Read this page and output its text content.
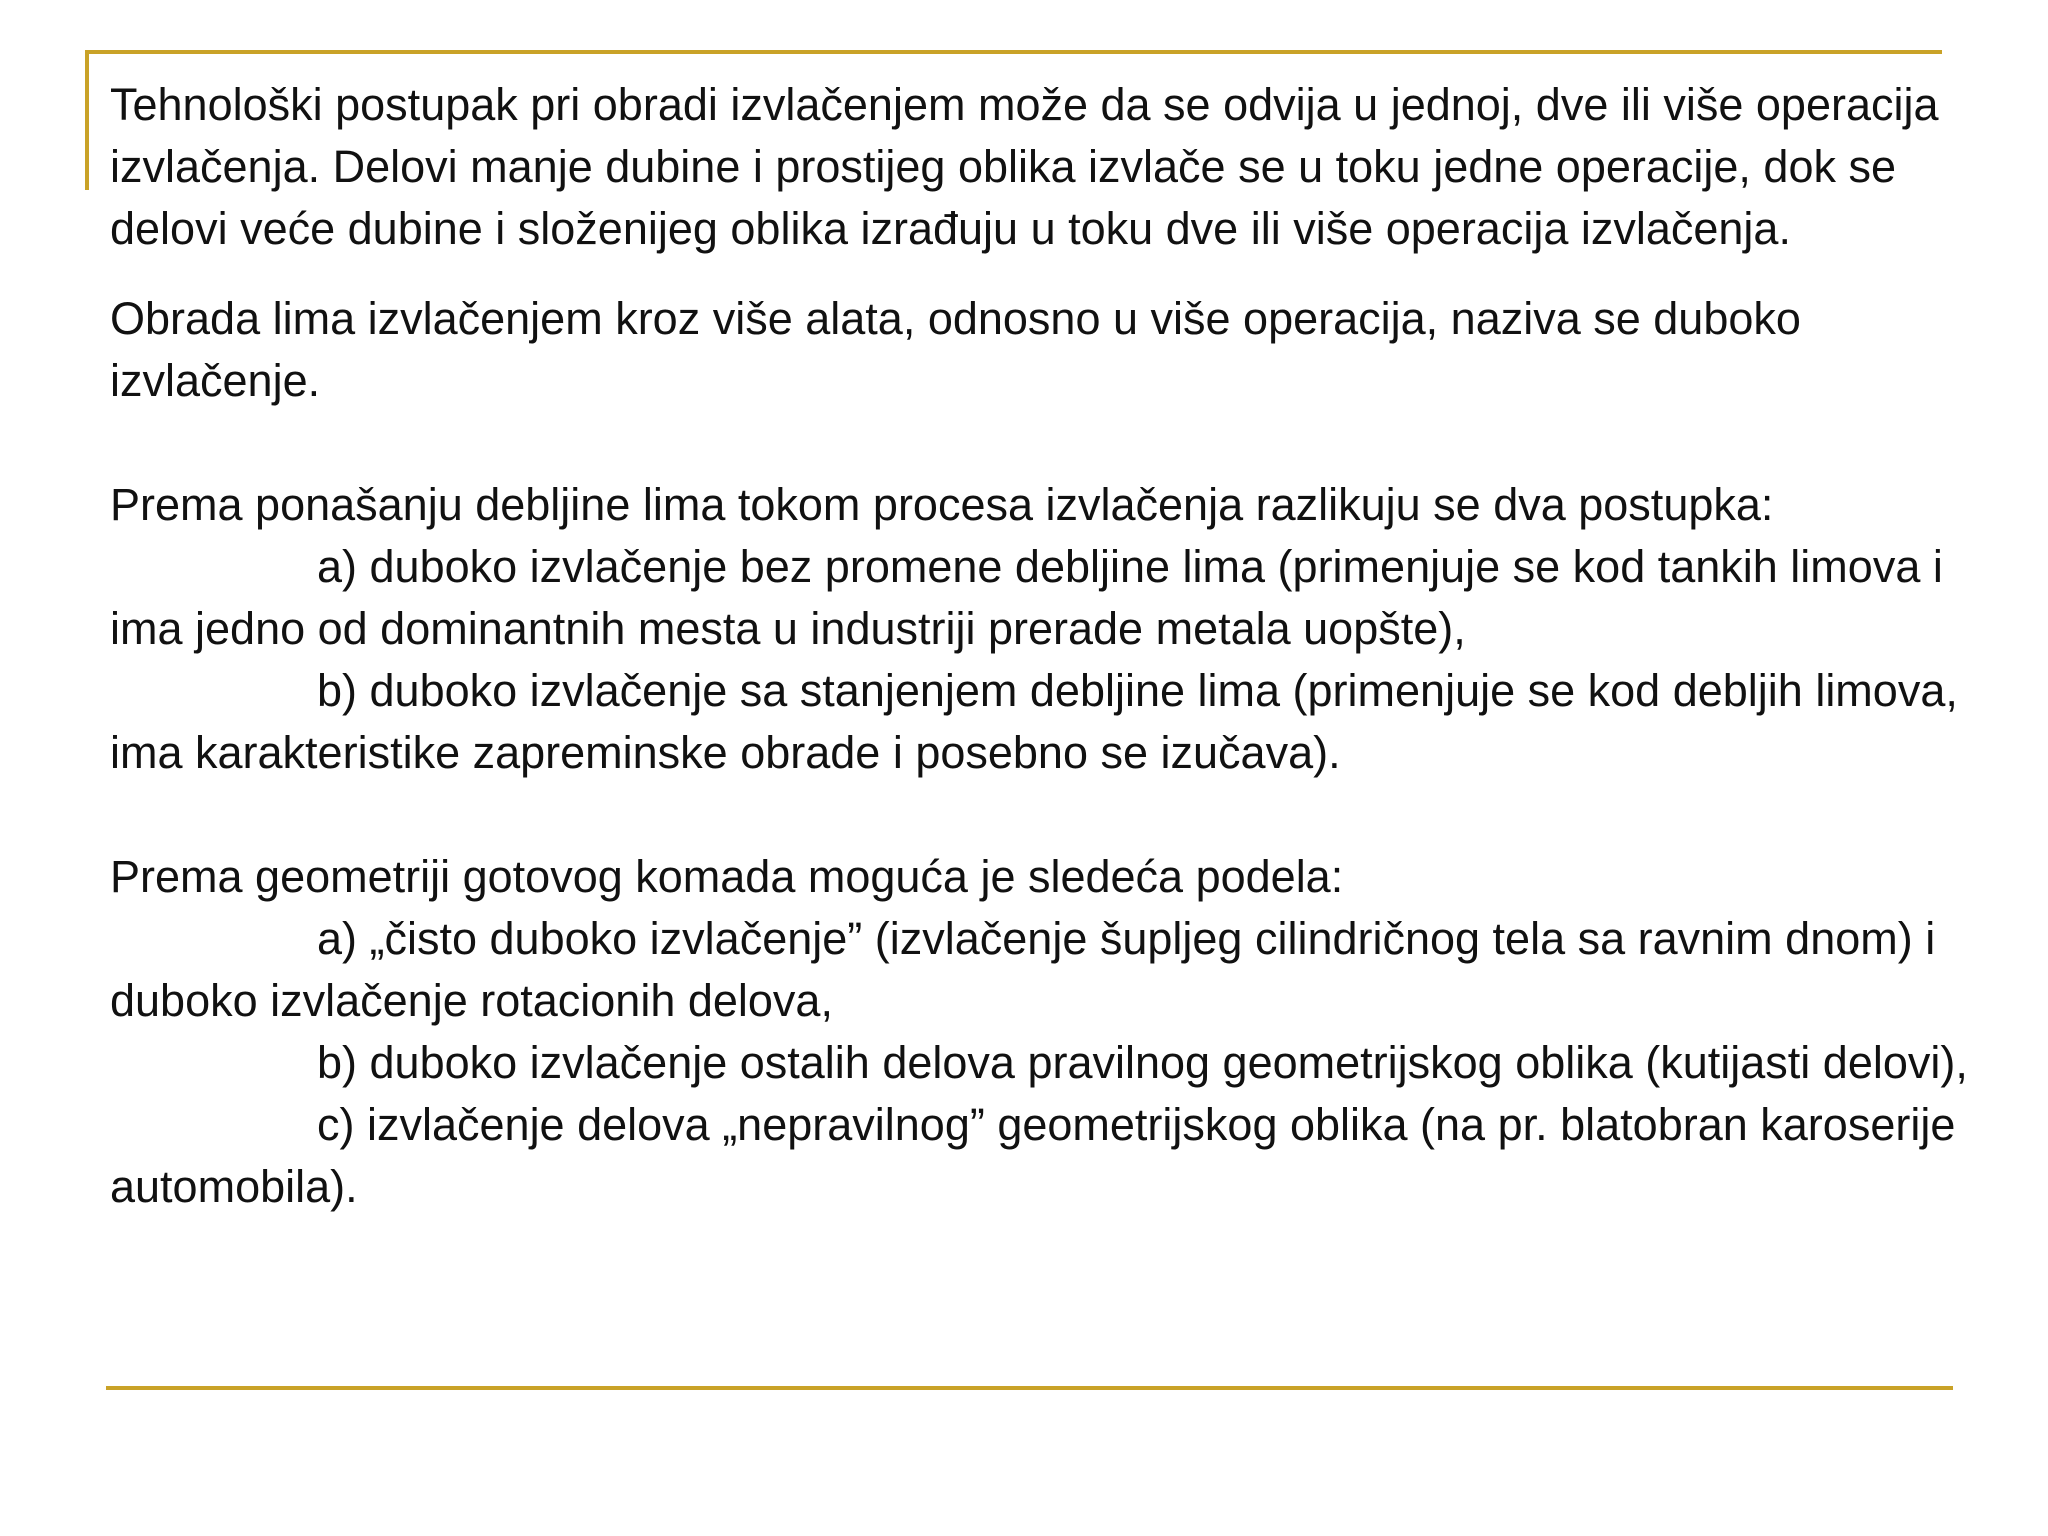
Tehnološki postupak pri obradi izvlačenjem može da se odvija u jednoj, dve ili više operacija izvlačenja. Delovi manje dubine i prostijeg oblika izvlače se u toku jedne operacije, dok se delovi veće dubine i složenijeg oblika izrađuju u toku dve ili više operacija izvlačenja.

Obrada lima izvlačenjem kroz više alata, odnosno u više operacija, naziva se duboko izvlačenje.

Prema ponašanju debljine lima tokom procesa izvlačenja razlikuju se dva postupka:

a) duboko izvlačenje bez promene debljine lima (primenjuje se kod tankih limova i ima jedno od dominantnih mesta u industriji prerade metala uopšte),

b) duboko izvlačenje sa stanjenjem debljine lima (primenjuje se kod debljih limova, ima karakteristike zapreminske obrade i posebno se izučava).

Prema geometriji gotovog komada moguća je sledeća podela:

a) „čisto duboko izvlačenje” (izvlačenje šupljeg cilindričnog tela sa ravnim dnom) i duboko izvlačenje rotacionih delova,

b) duboko izvlačenje ostalih delova pravilnog geometrijskog oblika (kutijasti delovi),

c) izvlačenje delova „nepravilnog” geometrijskog oblika (na pr. blatobran karoserije automobila).
